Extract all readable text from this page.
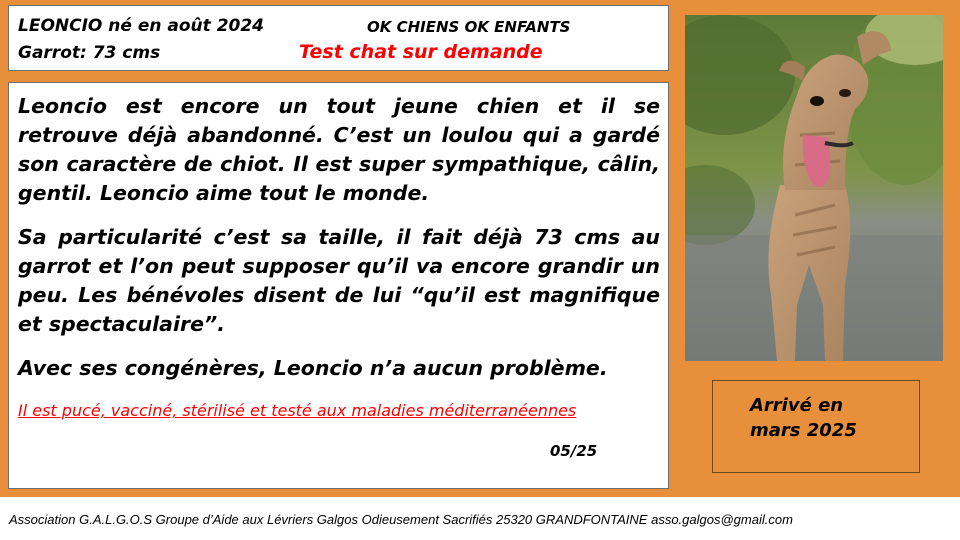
LEONCIO né en août 2024
Garrot: 73 cms
OK CHIENS OK ENFANTS
Test chat sur demande

Leoncio est encore un tout jeune chien et il se retrouve déjà abandonné. C’est un loulou qui a gardé son caractère de chiot. Il est super sympathique, câlin, gentil. Leoncio aime tout le monde.

Sa particularité c’est sa taille, il fait déjà 73 cms au garrot et l’on peut supposer qu’il va encore grandir un peu. Les bénévoles disent de lui “qu’il est magnifique et spectaculaire”.

Avec ses congénères, Leoncio n’a aucun problème.

Il est pucé, vacciné, stérilisé et testé aux maladies méditerranéennes

05/25
Arrivé en
mars 2025
Association G.A.L.G.O.S Groupe d’Aide aux Lévriers Galgos Odieusement Sacrifiés 25320 GRANDFONTAINE asso.galgos@gmail.com
